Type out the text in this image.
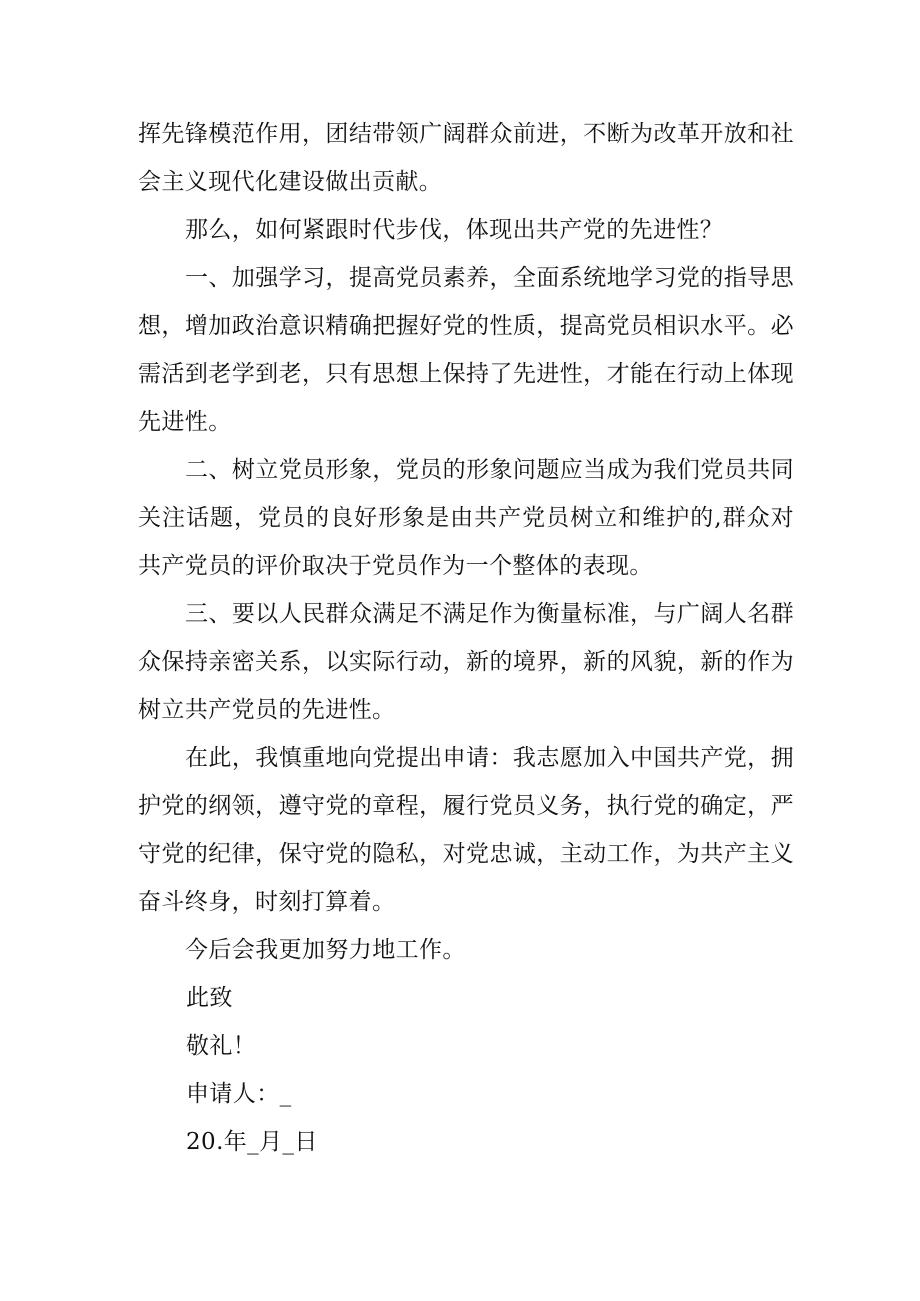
挥先锋模范作用，团结带领广阔群众前进，不断为改革开放和社会主义现代化建设做出贡献。

那么，如何紧跟时代步伐，体现出共产党的先进性？

一、加强学习，提高党员素养，全面系统地学习党的指导思想，增加政治意识精确把握好党的性质，提高党员相识水平。必需活到老学到老，只有思想上保持了先进性，才能在行动上体现先进性。

二、树立党员形象，党员的形象问题应当成为我们党员共同关注话题，党员的良好形象是由共产党员树立和维护的,群众对共产党员的评价取决于党员作为一个整体的表现。

三、要以人民群众满足不满足作为衡量标准，与广阔人名群众保持亲密关系，以实际行动，新的境界，新的风貌，新的作为树立共产党员的先进性。

在此，我慎重地向党提出申请：我志愿加入中国共产党，拥护党的纲领，遵守党的章程，履行党员义务，执行党的确定，严守党的纪律，保守党的隐私，对党忠诚，主动工作，为共产主义奋斗终身，时刻打算着。

今后会我更加努力地工作。

此致

敬礼！

申请人：_

20.年_月_日
